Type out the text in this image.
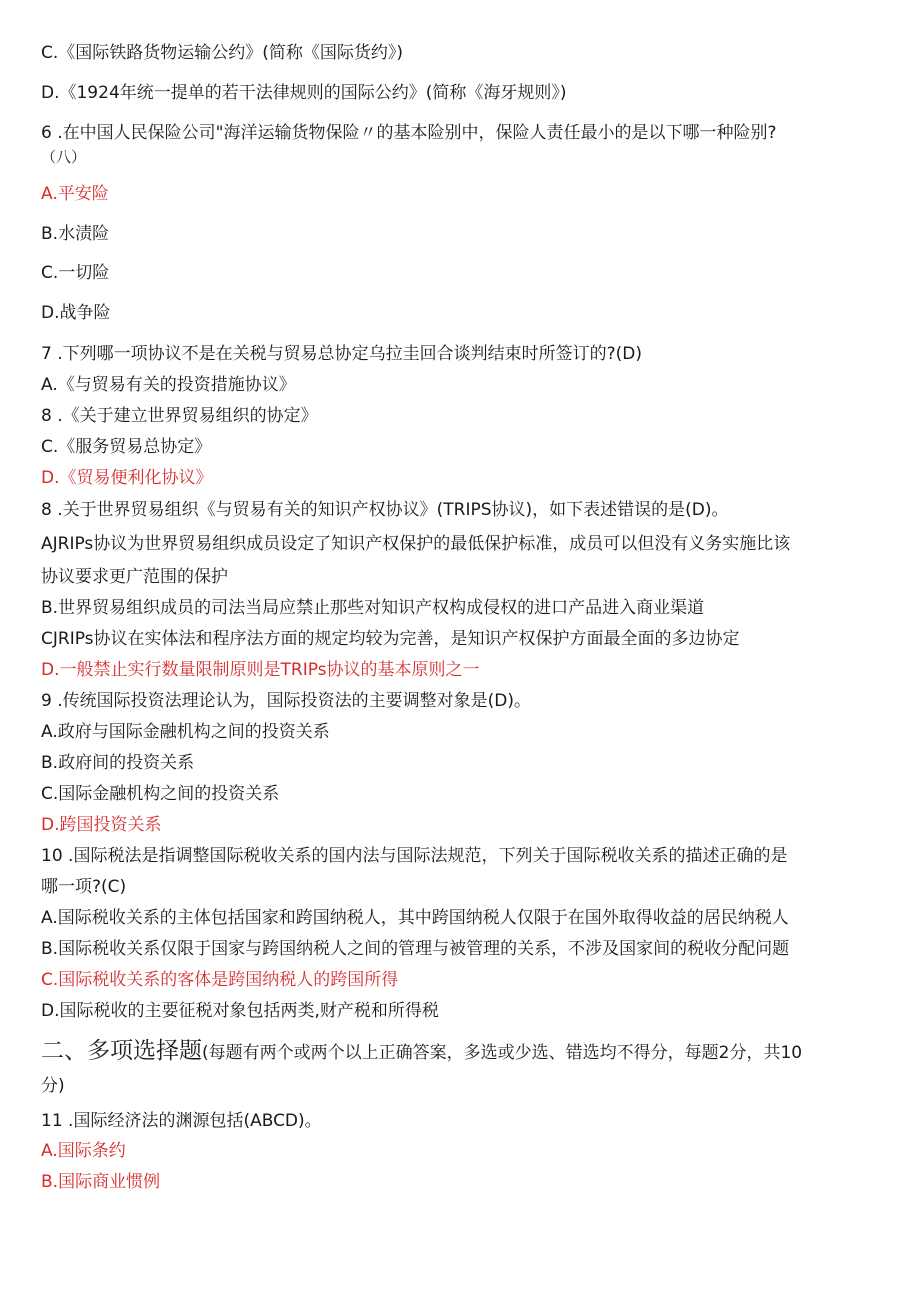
C.《国际铁路货物运输公约》(简称《国际货约》)

D.《1924年统一提单的若干法律规则的国际公约》(简称《海牙规则》)

6 .在中国人民保险公司"海洋运输货物保险〃的基本险别中，保险人责任最小的是以下哪一种险别?

（八）

A.平安险

B.水渍险

C.一切险

D.战争险

7 .下列哪一项协议不是在关税与贸易总协定乌拉圭回合谈判结束时所签订的?(D)

A.《与贸易有关的投资措施协议》

8 .《关于建立世界贸易组织的协定》

C.《服务贸易总协定》

D.《贸易便利化协议》

8 .关于世界贸易组织《与贸易有关的知识产权协议》(TRIPS协议)，如下表述错误的是(D)。

AJRIPs协议为世界贸易组织成员设定了知识产权保护的最低保护标准，成员可以但没有义务实施比该

协议要求更广范围的保护

B.世界贸易组织成员的司法当局应禁止那些对知识产权构成侵权的进口产品进入商业渠道

CJRIPs协议在实体法和程序法方面的规定均较为完善，是知识产权保护方面最全面的多边协定

D.一般禁止实行数量限制原则是TRIPs协议的基本原则之一

9 .传统国际投资法理论认为，国际投资法的主要调整对象是(D)。

A.政府与国际金融机构之间的投资关系

B.政府间的投资关系

C.国际金融机构之间的投资关系

D.跨国投资关系

10 .国际税法是指调整国际税收关系的国内法与国际法规范，下列关于国际税收关系的描述正确的是

哪一项?(C)

A.国际税收关系的主体包括国家和跨国纳税人，其中跨国纳税人仅限于在国外取得收益的居民纳税人

B.国际税收关系仅限于国家与跨国纳税人之间的管理与被管理的关系，不涉及国家间的税收分配问题

C.国际税收关系的客体是跨国纳税人的跨国所得

D.国际税收的主要征税对象包括两类,财产税和所得税

二、多项选择题(每题有两个或两个以上正确答案，多选或少选、错选均不得分，每题2分，共10

分)

11 .国际经济法的渊源包括(ABCD)。

A.国际条约

B.国际商业惯例
